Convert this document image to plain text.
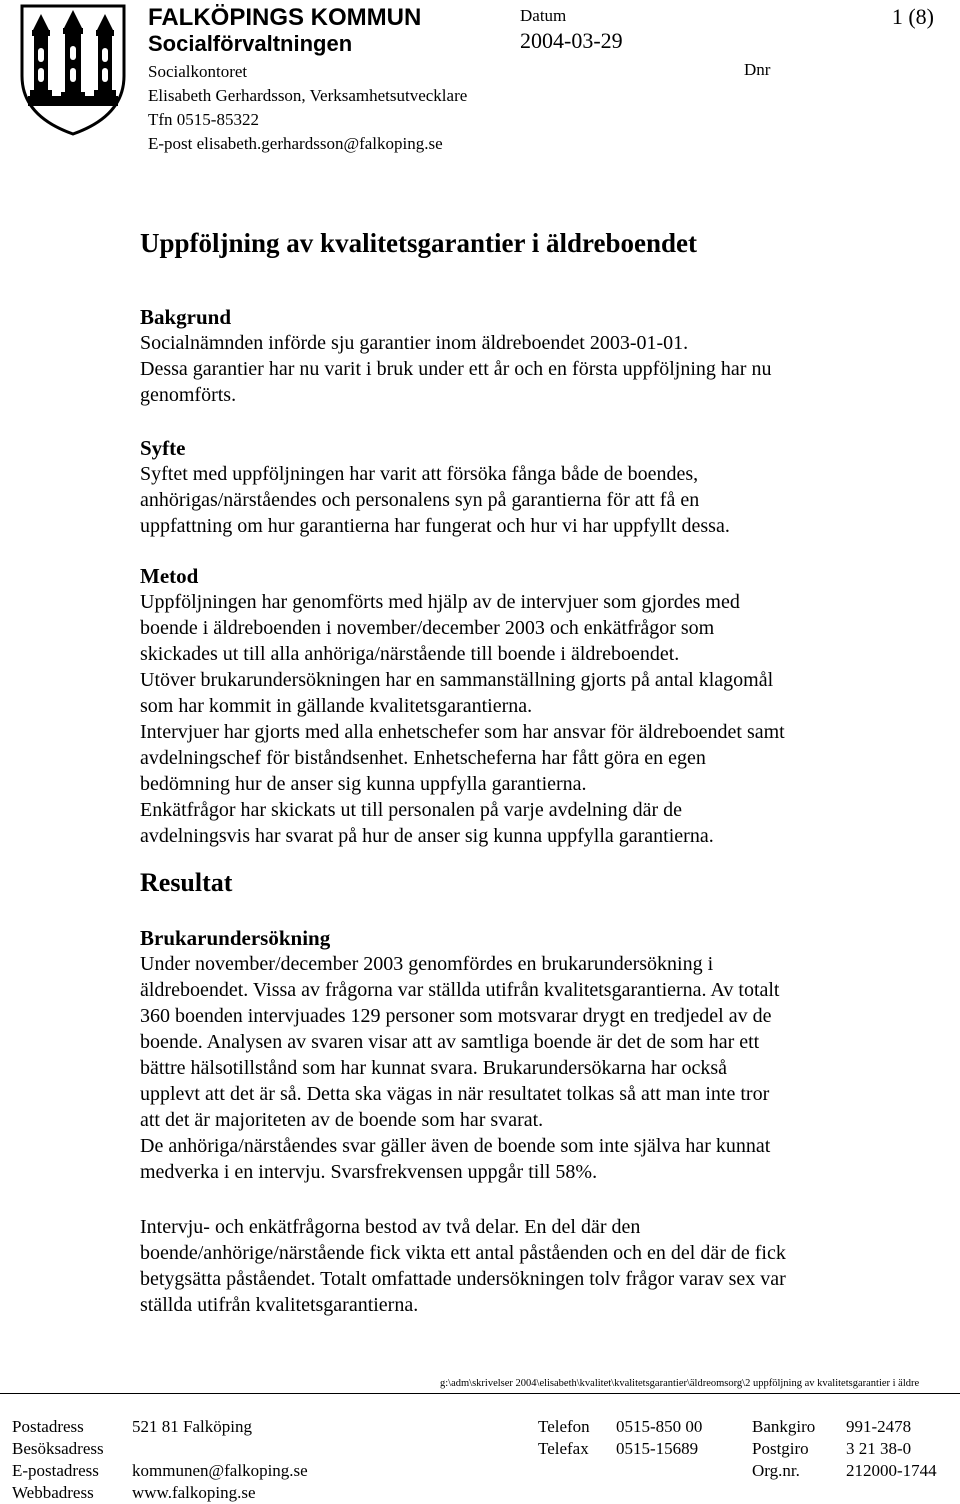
FALKÖPINGS KOMMUN
Socialförvaltningen
Socialkontoret
Elisabeth Gerhardsson, Verksamhetsutvecklare
Tfn 0515-85322
E-post elisabeth.gerhardsson@falkoping.se
Datum
2004-03-29
Dnr
1 (8)
Uppföljning av kvalitetsgarantier i äldreboendet
Bakgrund

Socialnämnden införde sju garantier inom äldreboendet 2003-01-01.
Dessa garantier har nu varit i bruk under ett år och en första uppföljning har nu
genomförts.

Syfte

Syftet med uppföljningen har varit att försöka fånga både de boendes,
anhörigas/närståendes och personalens syn på garantierna för att få en
uppfattning om hur garantierna har fungerat och hur vi har uppfyllt dessa.

Metod

Uppföljningen har genomförts med hjälp av de intervjuer som gjordes med
boende i äldreboenden i november/december 2003 och enkätfrågor som
skickades ut till alla anhöriga/närstående till boende i äldreboendet.
Utöver brukarundersökningen har en sammanställning gjorts på antal klagomål
som har kommit in gällande kvalitetsgarantierna.
Intervjuer har gjorts med alla enhetschefer som har ansvar för äldreboendet samt
avdelningschef för biståndsenhet. Enhetscheferna har fått göra en egen
bedömning hur de anser sig kunna uppfylla garantierna.
Enkätfrågor har skickats ut till personalen på varje avdelning där de
avdelningsvis har svarat på hur de anser sig kunna uppfylla garantierna.

Resultat
Brukarundersökning

Under november/december 2003 genomfördes en brukarundersökning i
äldreboendet. Vissa av frågorna var ställda utifrån kvalitetsgarantierna. Av totalt
360 boenden intervjuades 129 personer som motsvarar drygt en tredjedel av de
boende. Analysen av svaren visar att av samtliga boende är det de som har ett
bättre hälsotillstånd som har kunnat svara. Brukarundersökarna har också
upplevt att det är så. Detta ska vägas in när resultatet tolkas så att man inte tror
att det är majoriteten av de boende som har svarat.
De anhöriga/närståendes svar gäller även de boende som inte själva har kunnat
medverka i en intervju. Svarsfrekvensen uppgår till 58%.

Intervju- och enkätfrågorna bestod av två delar. En del där den
boende/anhörige/närstående fick vikta ett antal påståenden och en del där de fick
betygsätta påståendet. Totalt omfattade undersökningen tolv frågor varav sex var
ställda utifrån kvalitetsgarantierna.

g:\adm\skrivelser 2004\elisabeth\kvalitet\kvalitetsgarantier\äldreomsorg\2 uppföljning av kvalitetsgarantier i äldre
Postadress	521 81 Falköping
Besöksadress
E-postadress kommunen@falkoping.se
Webbadress www.falkoping.se
Telefon 0515-850 00
Telefax 0515-15689
Bankgiro 991-2478
Postgiro 3 21 38-0
Org.nr.	212000-1744
